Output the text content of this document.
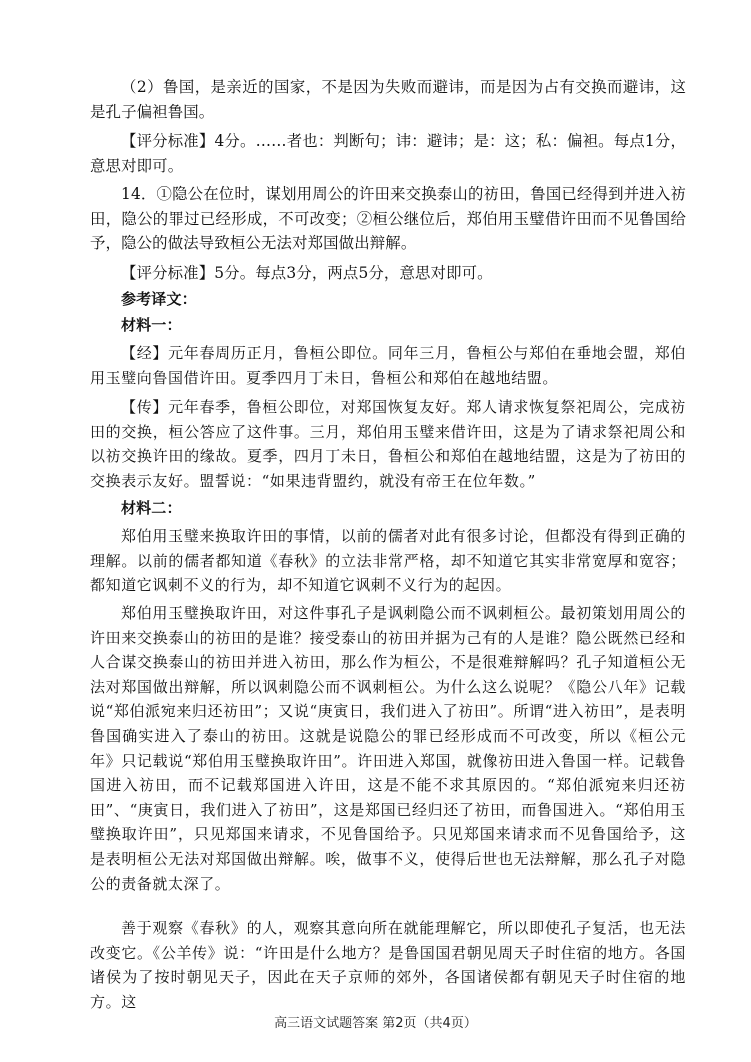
（2）鲁国，是亲近的国家，不是因为失败而避讳，而是因为占有交换而避讳，这是孔子偏袒鲁国。

【评分标准】4分。……者也：判断句；讳：避讳；是：这；私：偏袒。每点1分，意思对即可。

14．①隐公在位时，谋划用周公的许田来交换泰山的祊田，鲁国已经得到并进入祊田，隐公的罪过已经形成，不可改变；②桓公继位后，郑伯用玉璧借许田而不见鲁国给予，隐公的做法导致桓公无法对郑国做出辩解。

【评分标准】5分。每点3分，两点5分，意思对即可。

参考译文：

材料一：

【经】元年春周历正月，鲁桓公即位。同年三月，鲁桓公与郑伯在垂地会盟，郑伯用玉璧向鲁国借许田。夏季四月丁未日，鲁桓公和郑伯在越地结盟。

【传】元年春季，鲁桓公即位，对郑国恢复友好。郑人请求恢复祭祀周公，完成祊田的交换，桓公答应了这件事。三月，郑伯用玉璧来借许田，这是为了请求祭祀周公和以祊交换许田的缘故。夏季，四月丁未日，鲁桓公和郑伯在越地结盟，这是为了祊田的交换表示友好。盟誓说：“如果违背盟约，就没有帝王在位年数。”

材料二：

郑伯用玉璧来换取许田的事情，以前的儒者对此有很多讨论，但都没有得到正确的理解。以前的儒者都知道《春秋》的立法非常严格，却不知道它其实非常宽厚和宽容；都知道它讽刺不义的行为，却不知道它讽刺不义行为的起因。

郑伯用玉璧换取许田，对这件事孔子是讽刺隐公而不讽刺桓公。最初策划用周公的许田来交换泰山的祊田的是谁？接受泰山的祊田并据为己有的人是谁？隐公既然已经和人合谋交换泰山的祊田并进入祊田，那么作为桓公，不是很难辩解吗？孔子知道桓公无法对郑国做出辩解，所以讽刺隐公而不讽刺桓公。为什么这么说呢？《隐公八年》记载说“郑伯派宛来归还祊田”；又说“庚寅日，我们进入了祊田”。所谓“进入祊田”，是表明鲁国确实进入了泰山的祊田。这就是说隐公的罪已经形成而不可改变，所以《桓公元年》只记载说“郑伯用玉璧换取许田”。许田进入郑国，就像祊田进入鲁国一样。记载鲁国进入祊田，而不记载郑国进入许田，这是不能不求其原因的。“郑伯派宛来归还祊田”、“庚寅日，我们进入了祊田”，这是郑国已经归还了祊田，而鲁国进入。“郑伯用玉璧换取许田”，只见郑国来请求，不见鲁国给予。只见郑国来请求而不见鲁国给予，这是表明桓公无法对郑国做出辩解。唉，做事不义，使得后世也无法辩解，那么孔子对隐公的责备就太深了。

善于观察《春秋》的人，观察其意向所在就能理解它，所以即使孔子复活，也无法改变它。《公羊传》说：“许田是什么地方？是鲁国国君朝见周天子时住宿的地方。各国诸侯为了按时朝见天子，因此在天子京师的郊外，各国诸侯都有朝见天子时住宿的地方。这

高三语文试题答案 第2页（共4页）
